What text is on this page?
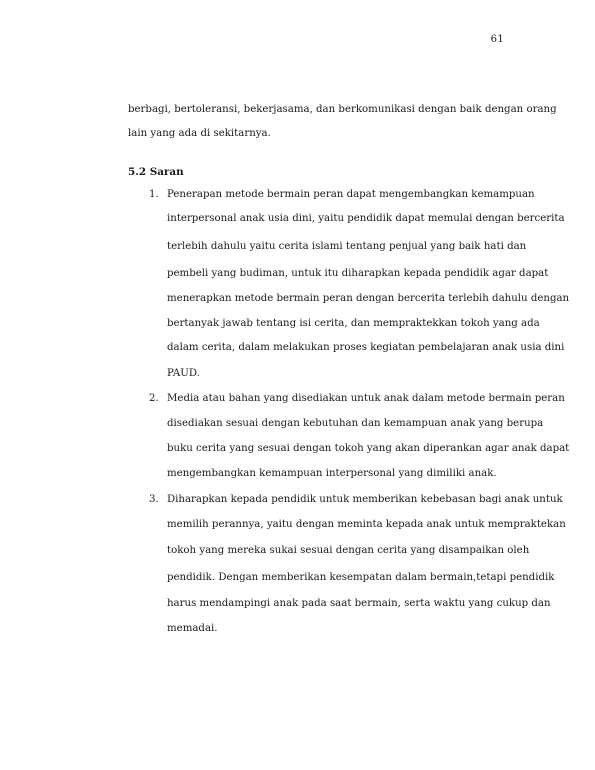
61
berbagi, bertoleransi, bekerjasama, dan berkomunikasi dengan baik dengan orang
lain yang ada di sekitarnya.
5.2 Saran
1. Penerapan metode bermain peran dapat mengembangkan kemampuan
interpersonal anak usia dini, yaitu pendidik dapat memulai dengan bercerita
terlebih dahulu yaitu cerita islami tentang penjual yang baik hati dan
pembeli yang budiman, untuk itu diharapkan kepada pendidik agar dapat
menerapkan metode bermain peran dengan bercerita terlebih dahulu dengan
bertanyak jawab tentang isi cerita, dan mempraktekkan tokoh yang ada
dalam cerita, dalam melakukan proses kegiatan pembelajaran anak usia dini
PAUD.
2. Media atau bahan yang disediakan untuk anak dalam metode bermain peran
disediakan sesuai dengan kebutuhan dan kemampuan anak yang berupa
buku cerita yang sesuai dengan tokoh yang akan diperankan agar anak dapat
mengembangkan kemampuan interpersonal yang dimiliki anak.
3. Diharapkan kepada pendidik untuk memberikan kebebasan bagi anak untuk
memilih perannya, yaitu dengan meminta kepada anak untuk mempraktekan
tokoh yang mereka sukai sesuai dengan cerita yang disampaikan oleh
pendidik. Dengan memberikan kesempatan dalam bermain,tetapi pendidik
harus mendampingi anak pada saat bermain, serta waktu yang cukup dan
memadai.
